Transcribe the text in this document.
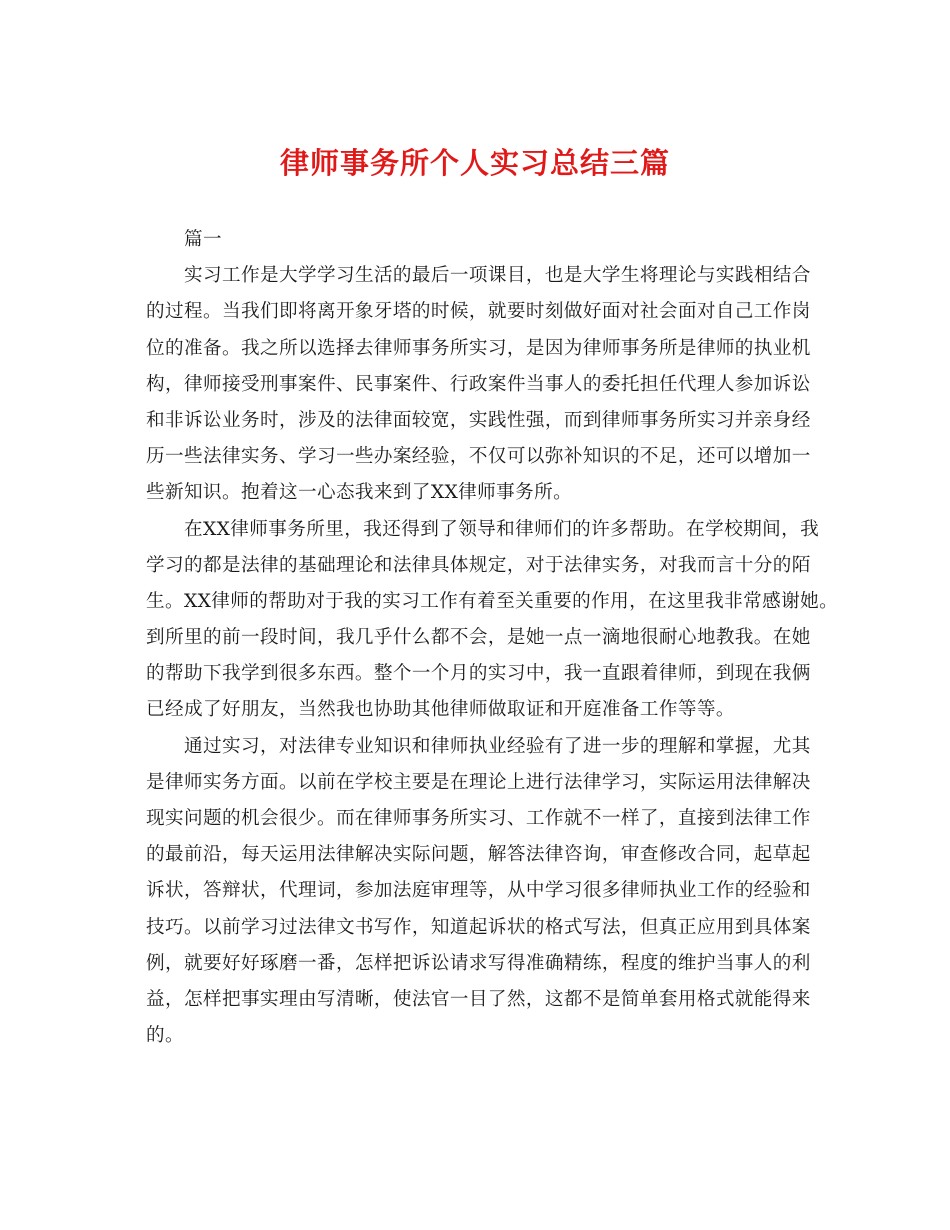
律师事务所个人实习总结三篇
篇一
实习工作是大学学习生活的最后一项课目，也是大学生将理论与实践相结合
的过程。当我们即将离开象牙塔的时候，就要时刻做好面对社会面对自己工作岗
位的准备。我之所以选择去律师事务所实习，是因为律师事务所是律师的执业机
构，律师接受刑事案件、民事案件、行政案件当事人的委托担任代理人参加诉讼
和非诉讼业务时，涉及的法律面较宽，实践性强，而到律师事务所实习并亲身经
历一些法律实务、学习一些办案经验，不仅可以弥补知识的不足，还可以增加一
些新知识。抱着这一心态我来到了XX律师事务所。
在XX律师事务所里，我还得到了领导和律师们的许多帮助。在学校期间，我
学习的都是法律的基础理论和法律具体规定，对于法律实务，对我而言十分的陌
生。XX律师的帮助对于我的实习工作有着至关重要的作用，在这里我非常感谢她。
到所里的前一段时间，我几乎什么都不会，是她一点一滴地很耐心地教我。在她
的帮助下我学到很多东西。整个一个月的实习中，我一直跟着律师，到现在我俩
已经成了好朋友，当然我也协助其他律师做取证和开庭准备工作等等。
通过实习，对法律专业知识和律师执业经验有了进一步的理解和掌握，尤其
是律师实务方面。以前在学校主要是在理论上进行法律学习，实际运用法律解决
现实问题的机会很少。而在律师事务所实习、工作就不一样了，直接到法律工作
的最前沿，每天运用法律解决实际问题，解答法律咨询，审查修改合同，起草起
诉状，答辩状，代理词，参加法庭审理等，从中学习很多律师执业工作的经验和
技巧。以前学习过法律文书写作，知道起诉状的格式写法，但真正应用到具体案
例，就要好好琢磨一番，怎样把诉讼请求写得准确精练，程度的维护当事人的利
益，怎样把事实理由写清晰，使法官一目了然，这都不是简单套用格式就能得来
的。
